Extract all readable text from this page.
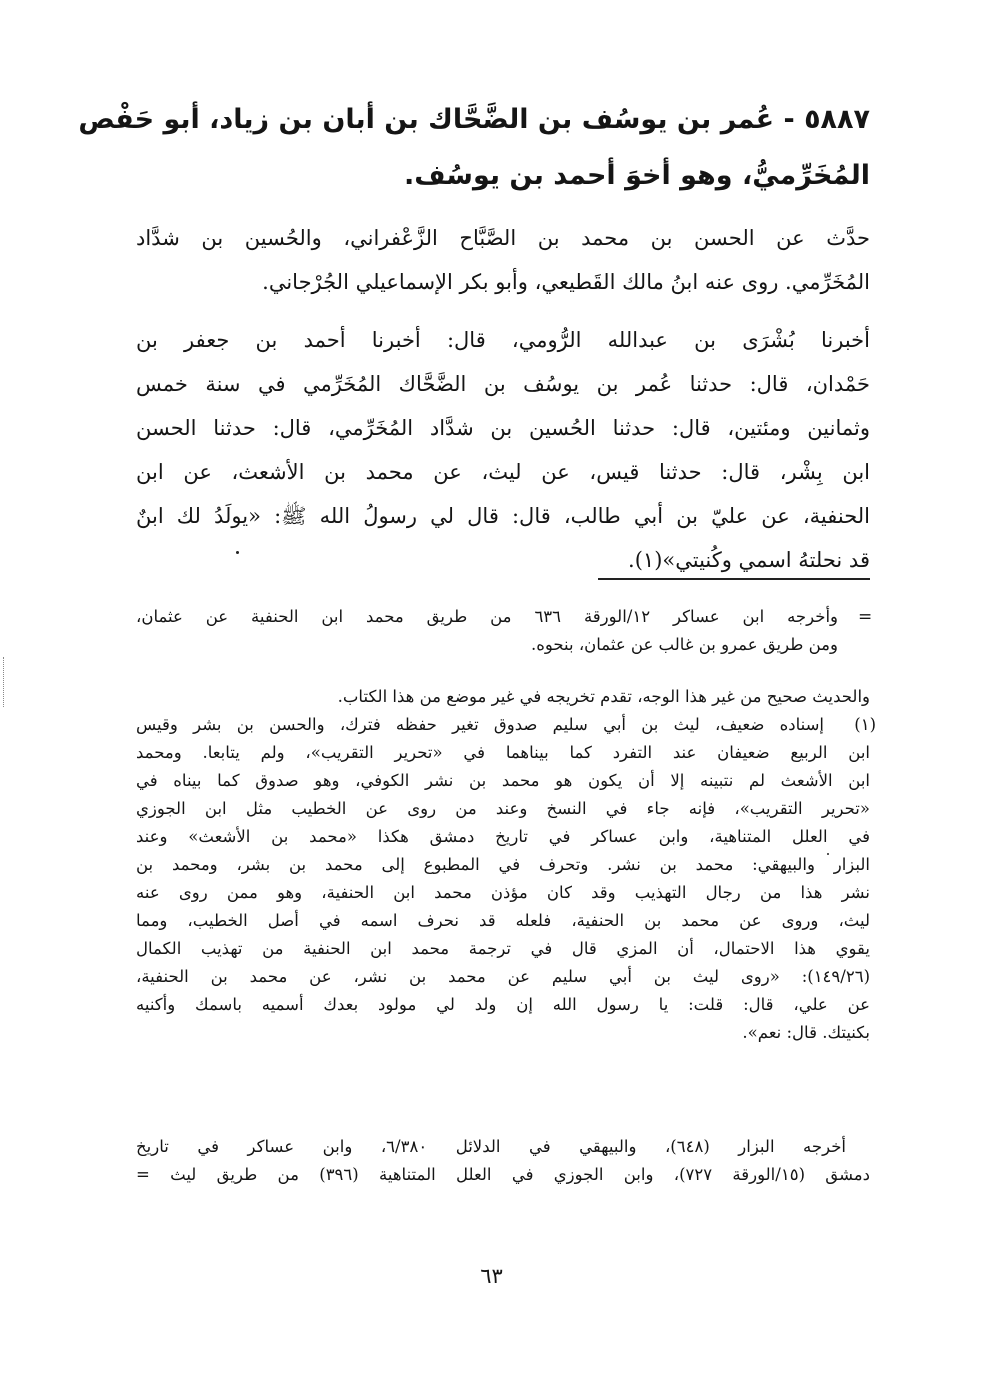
٥٨٨٧ - عُمر بن يوسُف بن الضَّحَّاك بن أبان بن زياد، أبو حَفْص
المُخَرِّميُّ، وهو أخوَ أحمد بن يوسُف.
حدَّث عن الحسن بن محمد بن الصَّبَّاح الزَّعْفراني، والحُسين بن شدَّاد
المُخَرِّمي. روى عنه ابنُ مالك القَطيعي، وأبو بكر الإسماعيلي الجُرْجاني.
أخبرنا بُشْرَى بن عبدالله الرُّومي، قال: أخبرنا أحمد بن جعفر بن
حَمْدان، قال: حدثنا عُمر بن يوسُف بن الضَّحَّاك المُخَرِّمي في سنة خمس
وثمانين ومئتين، قال: حدثنا الحُسين بن شدَّاد المُخَرِّمي، قال: حدثنا الحسن
ابن بِشْر، قال: حدثنا قيس، عن ليث، عن محمد بن الأشعث، عن ابن
الحنفية، عن عليّ بن أبي طالب، قال: قال لي رسولُ الله ﷺ: «يولَدُ لك ابنٌ
قد نحلتهُ اسمي وكُنيتي»(١).
=
وأخرجه ابن عساكر ١٢/الورقة ٦٣٦ من طريق محمد ابن الحنفية عن عثمان،
ومن طريق عمرو بن غالب عن عثمان، بنحوه.
والحديث صحيح من غير هذا الوجه، تقدم تخريجه في غير موضع من هذا الكتاب.
(١)
إسناده ضعيف، ليث بن أبي سليم صدوق تغير حفظه فترك، والحسن بن بشر وقيس
ابن الربيع ضعيفان عند التفرد كما بيناهما في «تحرير التقريب»، ولم يتابعا. ومحمد
ابن الأشعث لم نتبينه إلا أن يكون هو محمد بن نشر الكوفي، وهو صدوق كما بيناه في
«تحرير التقريب»، فإنه جاء في النسخ وعند من روى عن الخطيب مثل ابن الجوزي
في العلل المتناهية، وابن عساكر في تاريخ دمشق هكذا «محمد بن الأشعث» وعند
البزار والبيهقي: محمد بن نشر. وتحرف في المطبوع إلى محمد بن بشر، ومحمد بن
نشر هذا من رجال التهذيب وقد كان مؤذن محمد ابن الحنفية، وهو ممن روى عنه
ليث، وروى عن محمد بن الحنفية، فلعله قد نحرف اسمه في أصل الخطيب، ومما
يقوي هذا الاحتمال، أن المزي قال في ترجمة محمد ابن الحنفية من تهذيب الكمال
(١٤٩/٢٦): «روى ليث بن أبي سليم عن محمد بن نشر، عن محمد بن الحنفية،
عن علي، قال: قلت: يا رسول الله إن ولد لي مولود بعدك أسميه باسمك وأكنيه
بكنيتك. قال: نعم».
أخرجه البزار (٦٤٨)، والبيهقي في الدلائل ٦/٣٨٠، وابن عساكر في تاريخ
دمشق (١٥/الورقة ٧٢٧)، وابن الجوزي في العلل المتناهية (٣٩٦) من طريق ليث =
٦٣
